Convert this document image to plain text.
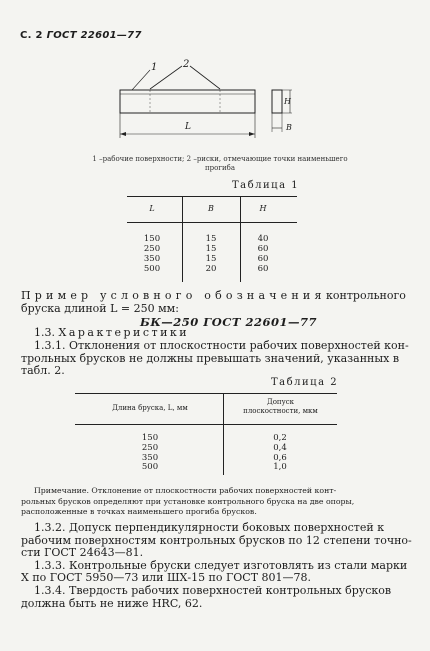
С. 2 ГОСТ 22601—77
1	2
L
H
B
1 –рабочие поверхности; 2 –риски, отмечающие точки наименьшего
прогиба
Таблица 1
L	B	H
150	15	40
250	15	60
350	15	60
500	20	60
Пример условного обозначения контрольного
бруска длиной L = 250 мм:
БК—250 ГОСТ 22601—77
1.3. Характеристики
1.3.1. Отклонения от плоскостности рабочих поверхностей кон-
трольных брусков не должны превышать значений, указанных в
табл. 2.
Таблица 2
Длина бруска, L, мм
Допуск
плоскостности, мкм
150	0,2
250	0,4
350	0,6
500	1,0
Примечание. Отклонение от плоскостности рабочих поверхностей конт-
рольных брусков определяют при установке контрольного бруска на две опоры,
расположенные в точках наименьшего прогиба брусков.
1.3.2. Допуск перпендикулярности боковых поверхностей к
рабочим поверхностям контрольных брусков по 12 степени точно-
сти ГОСТ 24643—81.
1.3.3. Контрольные бруски следует изготовлять из стали марки
Х по ГОСТ 5950—73 или ШХ-15 по ГОСТ 801—78.
1.3.4. Твердость рабочих поверхностей контрольных брусков
должна быть не ниже HRC, 62.
